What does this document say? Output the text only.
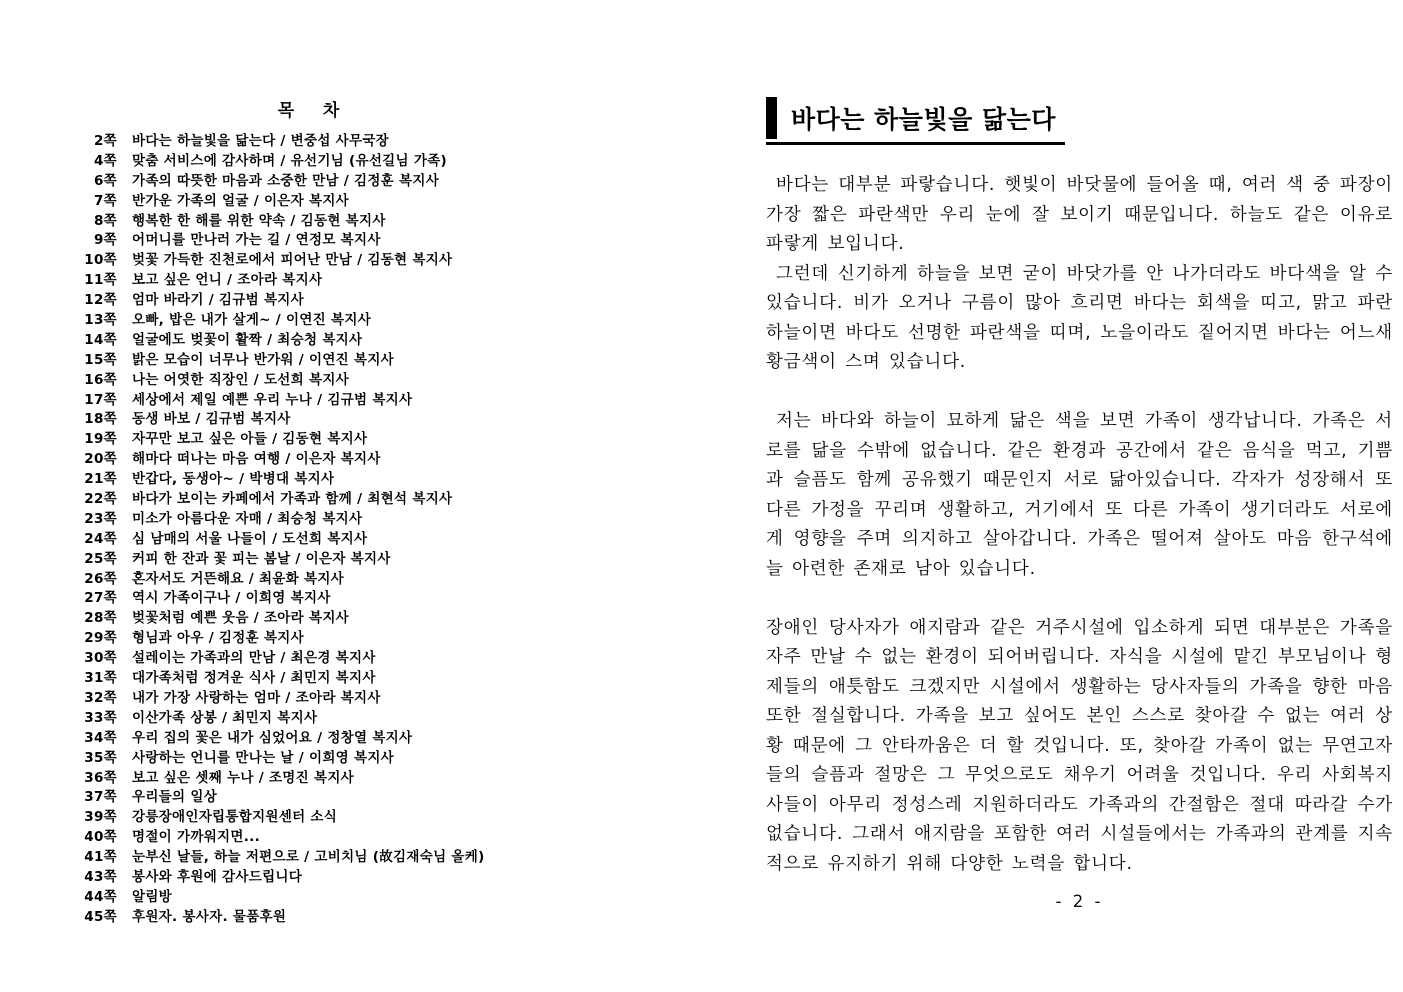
목    차
2쪽 바다는 하늘빛을 닮는다 / 변중섭 사무국장
4쪽 맞춤 서비스에 감사하며 / 유선기님 (유선길님 가족)
6쪽 가족의 따뜻한 마음과 소중한 만남 / 김정훈 복지사
7쪽 반가운 가족의 얼굴 / 이은자 복지사
8쪽 행복한 한 해를 위한 약속 / 김동현 복지사
9쪽 어머니를 만나러 가는 길 / 연정모 복지사
10쪽 벚꽃 가득한 진천로에서 피어난 만남 / 김동현 복지사
11쪽 보고 싶은 언니 / 조아라 복지사
12쪽 엄마 바라기 / 김규범 복지사
13쪽 오빠, 밥은 내가 살게~ / 이연진 복지사
14쪽 얼굴에도 벚꽃이 활짝 / 최승청 복지사
15쪽 밝은 모습이 너무나 반가워 / 이연진 복지사
16쪽 나는 어엿한 직장인 / 도선희 복지사
17쪽 세상에서 제일 예쁜 우리 누나 / 김규범 복지사
18쪽 동생 바보 / 김규범 복지사
19쪽 자꾸만 보고 싶은 아들 / 김동현 복지사
20쪽 해마다 떠나는 마음 여행 / 이은자 복지사
21쪽 반갑다, 동생아~ / 박병대 복지사
22쪽 바다가 보이는 카페에서 가족과 함께 / 최현석 복지사
23쪽 미소가 아름다운 자매 / 최승청 복지사
24쪽 심 남매의 서울 나들이 / 도선희 복지사
25쪽 커피 한 잔과 꽃 피는 봄날 / 이은자 복지사
26쪽 혼자서도 거뜬해요 / 최윤화 복지사
27쪽 역시 가족이구나 / 이희영 복지사
28쪽 벚꽃처럼 예쁜 웃음 / 조아라 복지사
29쪽 형님과 아우 / 김정훈 복지사
30쪽 설레이는 가족과의 만남 / 최은경 복지사
31쪽 대가족처럼 정겨운 식사 / 최민지 복지사
32쪽 내가 가장 사랑하는 엄마 / 조아라 복지사
33쪽 이산가족 상봉 / 최민지 복지사
34쪽 우리 집의 꽃은 내가 심었어요 / 정창열 복지사
35쪽 사랑하는 언니를 만나는 날 / 이희영 복지사
36쪽 보고 싶은 셋째 누나 / 조명진 복지사
37쪽 우리들의 일상
39쪽 강릉장애인자립통합지원센터 소식
40쪽 명절이 가까워지면...
41쪽 눈부신 날들, 하늘 저편으로 / 고비치님 (故김재숙님 올케)
43쪽 봉사와 후원에 감사드립니다
44쪽 알림방
45쪽 후원자. 봉사자. 물품후원
바다는 하늘빛을 닮는다

바다는 대부분 파랗습니다. 햇빛이 바닷물에 들어올 때, 여러 색 중 파장이 가장 짧은 파란색만 우리 눈에 잘 보이기 때문입니다. 하늘도 같은 이유로 파랗게 보입니다.

그런데 신기하게 하늘을 보면 굳이 바닷가를 안 나가더라도 바다색을 알 수 있습니다. 비가 오거나 구름이 많아 흐리면 바다는 회색을 띠고, 맑고 파란 하늘이면 바다도 선명한 파란색을 띠며, 노을이라도 짙어지면 바다는 어느새 황금색이 스며 있습니다.

저는 바다와 하늘이 묘하게 닮은 색을 보면 가족이 생각납니다. 가족은 서로를 닮을 수밖에 없습니다. 같은 환경과 공간에서 같은 음식을 먹고, 기쁨과 슬픔도 함께 공유했기 때문인지 서로 닮아있습니다. 각자가 성장해서 또 다른 가정을 꾸리며 생활하고, 거기에서 또 다른 가족이 생기더라도 서로에게 영향을 주며 의지하고 살아갑니다. 가족은 떨어져 살아도 마음 한구석에 늘 아련한 존재로 남아 있습니다.

장애인 당사자가 애지람과 같은 거주시설에 입소하게 되면 대부분은 가족을 자주 만날 수 없는 환경이 되어버립니다. 자식을 시설에 맡긴 부모님이나 형제들의 애틋함도 크겠지만 시설에서 생활하는 당사자들의 가족을 향한 마음 또한 절실합니다. 가족을 보고 싶어도 본인 스스로 찾아갈 수 없는 여러 상황 때문에 그 안타까움은 더 할 것입니다. 또, 찾아갈 가족이 없는 무연고자들의 슬픔과 절망은 그 무엇으로도 채우기 어려울 것입니다. 우리 사회복지사들이 아무리 정성스레 지원하더라도 가족과의 간절함은 절대 따라갈 수가 없습니다. 그래서 애지람을 포함한 여러 시설들에서는 가족과의 관계를 지속적으로 유지하기 위해 다양한 노력을 합니다.

- 2 -
